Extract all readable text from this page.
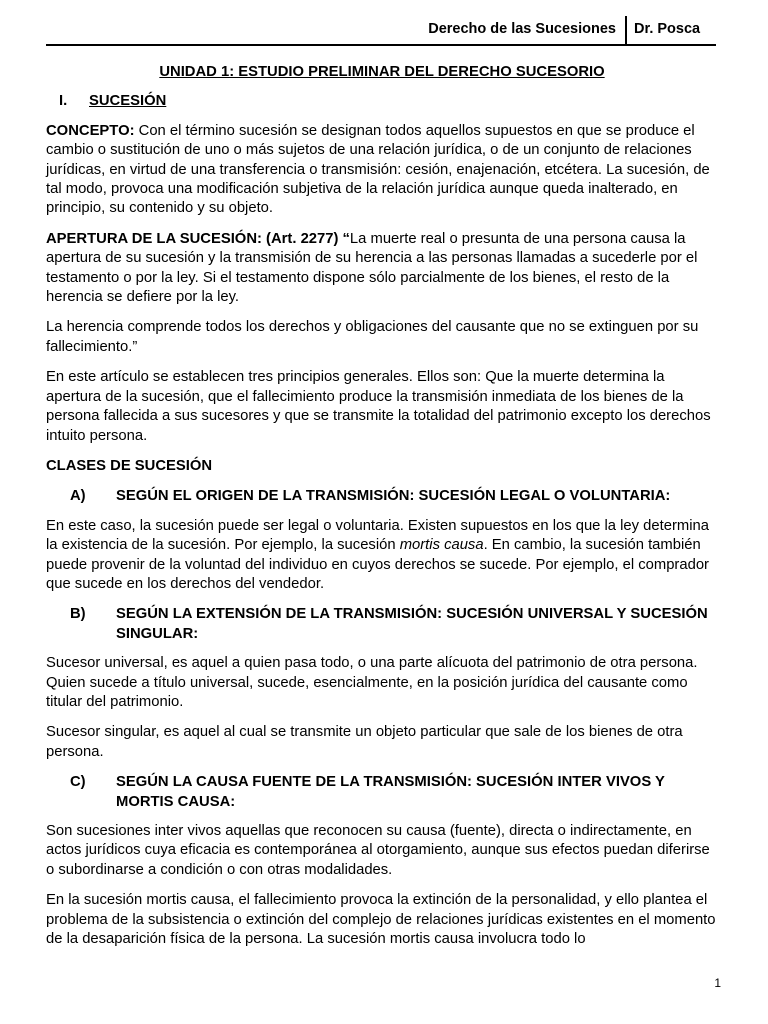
Derecho de las Sucesiones Dr. Posca
UNIDAD 1: ESTUDIO PRELIMINAR DEL DERECHO SUCESORIO
I.	SUCESIÓN

CONCEPTO: Con el término sucesión se designan todos aquellos supuestos en que se produce el cambio o sustitución de uno o más sujetos de una relación jurídica, o de un conjunto de relaciones jurídicas, en virtud de una transferencia o transmisión: cesión, enajenación, etcétera. La sucesión, de tal modo, provoca una modificación subjetiva de la relación jurídica aunque queda inalterado, en principio, su contenido y su objeto.

APERTURA DE LA SUCESIÓN: (Art. 2277) “La muerte real o presunta de una persona causa la apertura de su sucesión y la transmisión de su herencia a las personas llamadas a sucederle por el testamento o por la ley. Si el testamento dispone sólo parcialmente de los bienes, el resto de la herencia se defiere por la ley.

La herencia comprende todos los derechos y obligaciones del causante que no se extinguen por su fallecimiento.”

En este artículo se establecen tres principios generales. Ellos son: Que la muerte determina la apertura de la sucesión, que el fallecimiento produce la transmisión inmediata de los bienes de la persona fallecida a sus sucesores y que se transmite la totalidad del patrimonio excepto los derechos intuito persona.

CLASES DE SUCESIÓN

A)	SEGÚN EL ORIGEN DE LA TRANSMISIÓN: SUCESIÓN LEGAL O VOLUNTARIA:

En este caso, la sucesión puede ser legal o voluntaria. Existen supuestos en los que la ley determina la existencia de la sucesión. Por ejemplo, la sucesión mortis causa. En cambio, la sucesión también puede provenir de la voluntad del individuo en cuyos derechos se sucede. Por ejemplo, el comprador que sucede en los derechos del vendedor.

B)	SEGÚN LA EXTENSIÓN DE LA TRANSMISIÓN: SUCESIÓN UNIVERSAL Y SUCESIÓN SINGULAR:

Sucesor universal, es aquel a quien pasa todo, o una parte alícuota del patrimonio de otra persona. Quien sucede a título universal, sucede, esencialmente, en la posición jurídica del causante como titular del patrimonio.

Sucesor singular, es aquel al cual se transmite un objeto particular que sale de los bienes de otra persona.

C)	SEGÚN LA CAUSA FUENTE DE LA TRANSMISIÓN: SUCESIÓN INTER VIVOS Y MORTIS CAUSA:

Son sucesiones inter vivos aquellas que reconocen su causa (fuente), directa o indirectamente, en actos jurídicos cuya eficacia es contemporánea al otorgamiento, aunque sus efectos puedan diferirse o subordinarse a condición o con otras modalidades.

En la sucesión mortis causa, el fallecimiento provoca la extinción de la personalidad, y ello plantea el problema de la subsistencia o extinción del complejo de relaciones jurídicas existentes en el momento de la desaparición física de la persona. La sucesión mortis causa involucra todo lo

1
